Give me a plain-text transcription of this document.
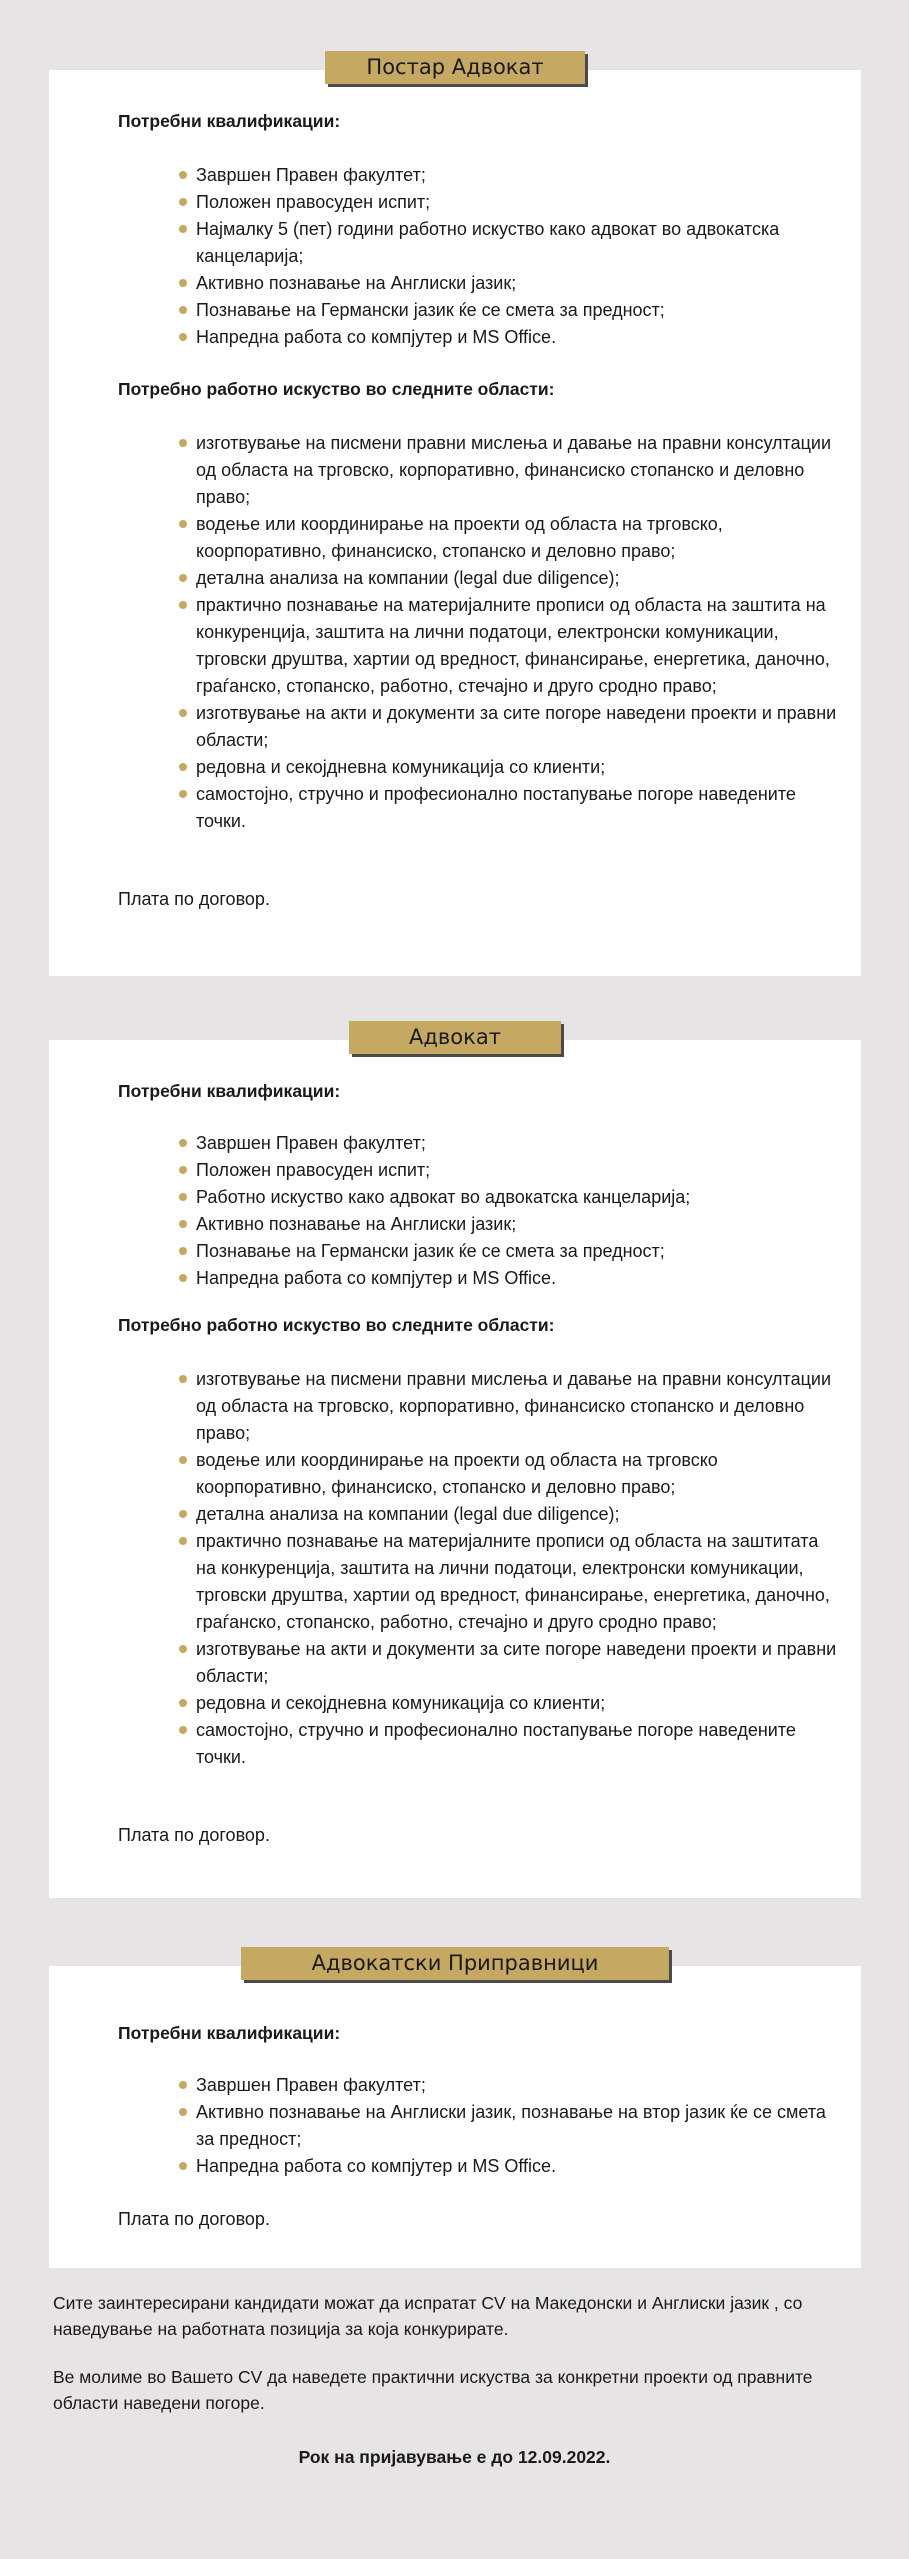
Постар Адвокат

Потребни квалификации:

Завршен Правен факултет;
Положен правосуден испит;
Најмалку 5 (пет) години работно искуство како адвокат во адвокатска канцеларија;
Активно познавање на Англиски јазик;
Познавање на Германски јазик ќе се смета за предност;
Напредна работа со компјутер и MS Office.

Потребно работно искуство во следните области:

изготвување на писмени правни мислења и давање на правни консултации од областа на трговско, корпоративно, финансиско стопанско и деловно право;
водење или координирање на проекти од областа на трговско, коорпоративно, финансиско, стопанско и деловно право;
детална анализа на компании (legal due diligence);
практично познавање на материјалните прописи од областа на заштита на конкуренција, заштита на лични податоци, електронски комуникации, трговски друштва, хартии од вредност, финансирање, енергетика, даночно, граѓанско, стопанско, работно, стечајно и друго сродно право;
изготвување на акти и документи за сите погоре наведени проекти и правни области;
редовна и секојдневна комуникација со клиенти;
самостојно, стручно и професионално постапување погоре наведените точки.

Плата по договор.

Адвокат

Потребни квалификации:

Завршен Правен факултет;
Положен правосуден испит;
Работно искуство како адвокат во адвокатска канцеларија;
Активно познавање на Англиски јазик;
Познавање на Германски јазик ќе се смета за предност;
Напредна работа со компјутер и MS Office.

Потребно работно искуство во следните области:

изготвување на писмени правни мислења и давање на правни консултации од областа на трговско, корпоративно, финансиско стопанско и деловно право;
водење или координирање на проекти од областа на трговско коорпоративно, финансиско, стопанско и деловно право;
детална анализа на компании (legal due diligence);
практично познавање на материјалните прописи од областа на заштитата на конкуренција, заштита на лични податоци, електронски комуникации, трговски друштва, хартии од вредност, финансирање, енергетика, даночно, граѓанско, стопанско, работно, стечајно и друго сродно право;
изготвување на акти и документи за сите погоре наведени проекти и правни области;
редовна и секојдневна комуникација со клиенти;
самостојно, стручно и професионално постапување погоре наведените точки.

Плата по договор.

Адвокатски Приправници

Потребни квалификации:

Завршен Правен факултет;
Активно познавање на Англиски јазик, познавање на втор јазик ќе се смета за предност;
Напредна работа со компјутер и MS Office.

Плата по договор.

Сите заинтересирани кандидати можат да испратат CV на Македонски и Англиски јазик , со наведување на работната позиција за која конкурирате.
Ве молиме во Вашето CV да наведете практични искуства за конкретни проекти од правните области наведени погоре.
Рок на пријавување е до 12.09.2022.
